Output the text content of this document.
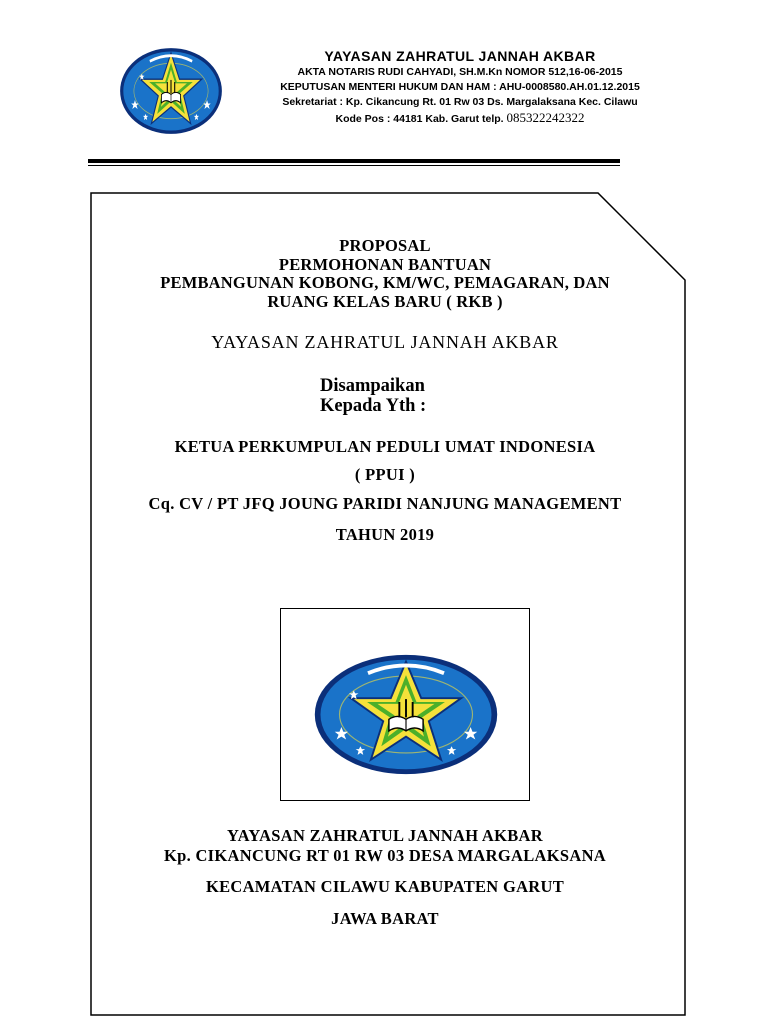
YAYASAN ZAHRATUL JANNAH AKBAR
AKTA NOTARIS RUDI CAHYADI, SH.M.Kn NOMOR 512,16-06-2015
KEPUTUSAN MENTERI HUKUM DAN HAM : AHU-0008580.AH.01.12.2015
Sekretariat : Kp. Cikancung Rt. 01 Rw 03 Ds. Margalaksana Kec. Cilawu
Kode Pos : 44181 Kab. Garut telp. 085322242322
PROPOSAL
PERMOHONAN BANTUAN
PEMBANGUNAN KOBONG, KM/WC, PEMAGARAN, DAN
RUANG KELAS BARU ( RKB )
YAYASAN ZAHRATUL JANNAH AKBAR
Disampaikan
Kepada Yth :
KETUA PERKUMPULAN PEDULI UMAT INDONESIA
( PPUI )
Cq. CV / PT JFQ JOUNG PARIDI NANJUNG MANAGEMENT
TAHUN 2019
YAYASAN ZAHRATUL JANNAH AKBAR
Kp. CIKANCUNG RT 01 RW 03 DESA MARGALAKSANA
KECAMATAN CILAWU KABUPATEN GARUT
JAWA BARAT
